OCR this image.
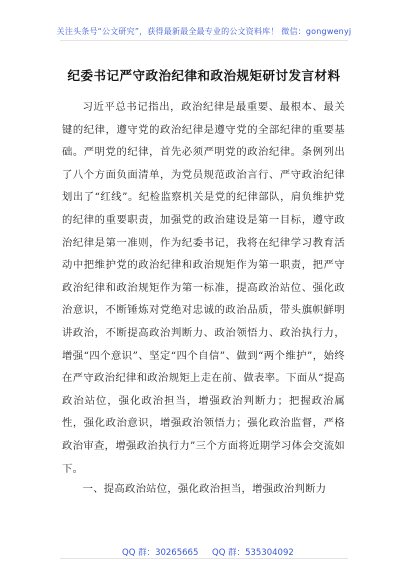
关注头条号“公文研究”，获得最新最全最专业的公文资料库！ 微信：gongwenyj
纪委书记严守政治纪律和政治规矩研讨发言材料

习近平总书记指出，政治纪律是最重要、最根本、最关键的纪律，遵守党的政治纪律是遵守党的全部纪律的重要基础。严明党的纪律，首先必须严明党的政治纪律。条例列出了八个方面负面清单，为党员规范政治言行、严守政治纪律划出了“红线”。纪检监察机关是党的纪律部队，肩负维护党的纪律的重要职责，加强党的政治建设是第一目标，遵守政治纪律是第一准则，作为纪委书记，我将在纪律学习教育活动中把维护党的政治纪律和政治规矩作为第一职责，把严守政治纪律和政治规矩作为第一标准，提高政治站位、强化政治意识，不断锤炼对党绝对忠诚的政治品质，带头旗帜鲜明讲政治，不断提高政治判断力、政治领悟力、政治执行力，增强“四个意识”、坚定“四个自信”、做到“两个维护”，始终在严守政治纪律和政治规矩上走在前、做表率。下面从“提高政治站位，强化政治担当，增强政治判断力；把握政治属性，强化政治意识，增强政治领悟力；强化政治监督，严格政治审查，增强政治执行力”三个方面将近期学习体会交流如下。

一、提高政治站位，强化政治担当，增强政治判断力
QQ 群：30265665 QQ 群：535304092
